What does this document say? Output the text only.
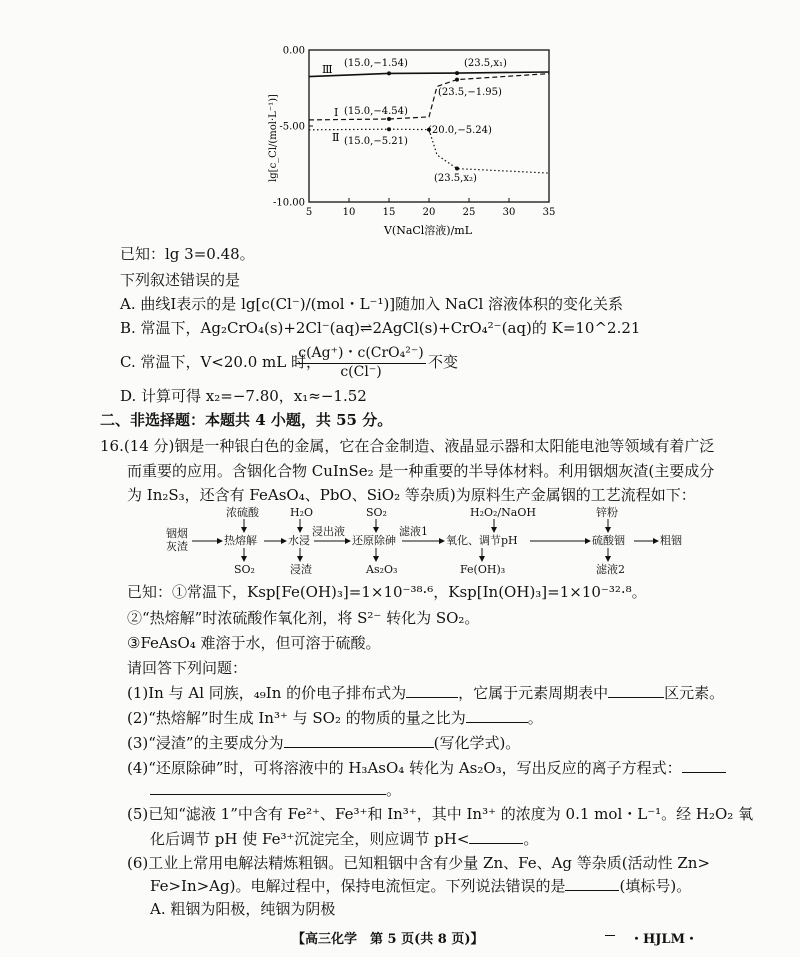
lg[c_Cl/(mol·L⁻¹)]
0.00
-5.00
-10.00
5	10	15	20	25	30	35
(15.0,−1.54)	(23.5,x₁)
(23.5,−1.95)
(15.0,−4.54)
(20.0,−5.24)
(15.0,−5.21)
(23.5,x₂)
Ⅲ
Ⅰ
Ⅱ
V(NaCl溶液)/mL
已知：lg 3=0.48。
下列叙述错误的是
A. 曲线Ⅰ表示的是 lg[c(Cl⁻)/(mol・L⁻¹)]随加入 NaCl 溶液体积的变化关系
B. 常温下，Ag₂CrO₄(s)+2Cl⁻(aq)⇌2AgCl(s)+CrO₄²⁻(aq)的 K=10^2.21
C. 常温下，V<20.0 mL 时，
c(Ag⁺)・c(CrO₄²⁻)
c(Cl⁻)
不变
D. 计算可得 x₂=−7.80，x₁≈−1.52
二、非选择题：本题共 4 小题，共 55 分。
16.(14 分)铟是一种银白色的金属，它在合金制造、液晶显示器和太阳能电池等领域有着广泛
而重要的应用。含铟化合物 CuInSe₂ 是一种重要的半导体材料。利用铟烟灰渣(主要成分
为 In₂S₃，还含有 FeAsO₄、PbO、SiO₂ 等杂质)为原料生产金属铟的工艺流程如下：
铟烟
灰渣
浓硫酸	H₂O
浸出液
SO₂
滤液1
H₂O₂/NaOH	锌粉
热熔解	水浸	还原除砷	氧化、调节pH	硫酸铟	粗铟
SO₂	浸渣	As₂O₃	Fe(OH)₃	滤液2
已知：①常温下，Ksp[Fe(OH)₃]=1×10⁻³⁸·⁶，Ksp[In(OH)₃]=1×10⁻³²·⁸。
②“热熔解”时浓硫酸作氧化剂，将 S²⁻ 转化为 SO₂。
③FeAsO₄ 难溶于水，但可溶于硫酸。
请回答下列问题：
(1)In 与 Al 同族，₄₉In 的价电子排布式为	，它属于元素周期表中	区元素。
(2)“热熔解”时生成 In³⁺ 与 SO₂ 的物质的量之比为	。
(3)“浸渣”的主要成分为	(写化学式)。
(4)“还原除砷”时，可将溶液中的 H₃AsO₄ 转化为 As₂O₃，写出反应的离子方程式：
。
(5)已知“滤液 1”中含有 Fe²⁺、Fe³⁺和 In³⁺，其中 In³⁺ 的浓度为 0.1 mol・L⁻¹。经 H₂O₂ 氧
化后调节 pH 使 Fe³⁺沉淀完全，则应调节 pH<	。
(6)工业上常用电解法精炼粗铟。已知粗铟中含有少量 Zn、Fe、Ag 等杂质(活动性 Zn>
Fe>In>Ag)。电解过程中，保持电流恒定。下列说法错误的是	(填标号)。
A. 粗铟为阳极，纯铟为阴极
【高三化学　第 5 页(共 8 页)】	・HJLM・
